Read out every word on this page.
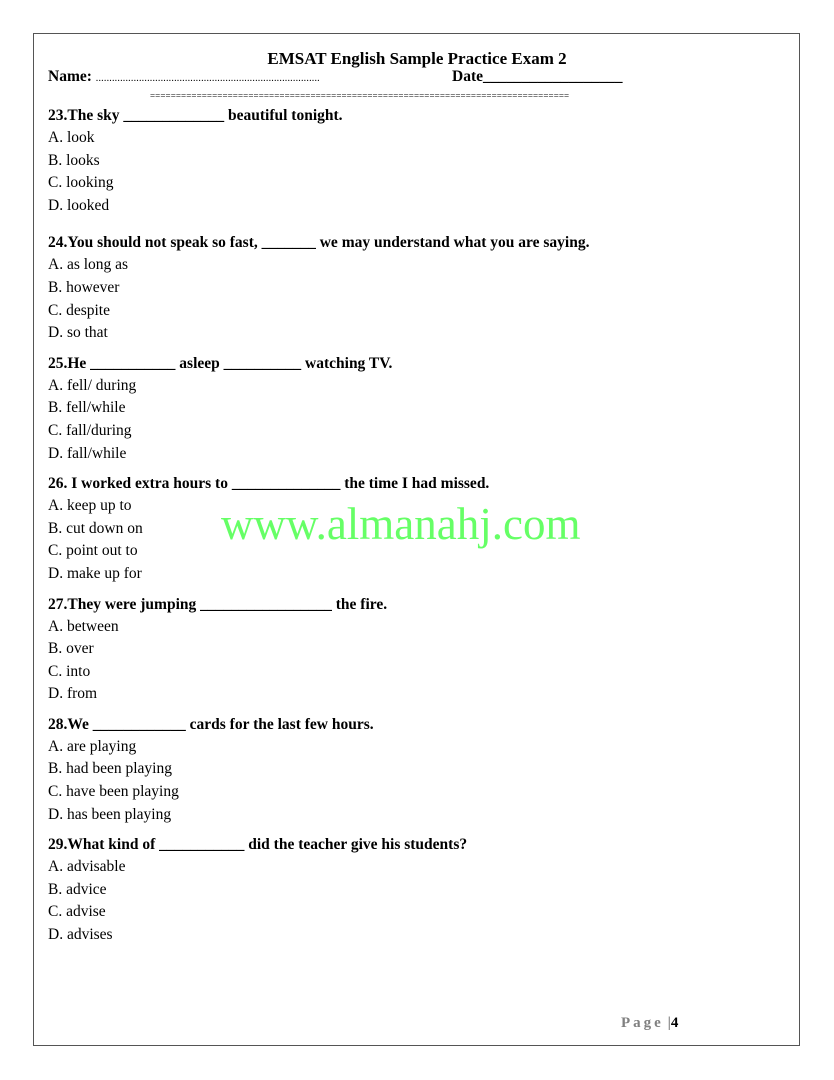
EMSAT English Sample Practice Exam 2
Name: ...................................................................................	Date__________________
=================================================================================
23.The sky _____________ beautiful tonight.
A. look
B. looks
C. looking
D. looked
24.You should not speak so fast, _______ we may understand what you are saying.
A. as long as
B. however
C. despite
D. so that
25.He ___________ asleep __________ watching TV.
A. fell/ during
B. fell/while
C. fall/during
D. fall/while
26. I worked extra hours to ______________ the time I had missed.
A. keep up to
B. cut down on
C. point out to
D. make up for
27.They were jumping _________________ the fire.
A. between
B. over
C. into
D. from
28.We ____________ cards for the last few hours.
A. are playing
B. had been playing
C. have been playing
D. has been playing
29.What kind of ___________ did the teacher give his students?
A. advisable
B. advice
C. advise
D. advises
www.almanahj.com
Page |4
